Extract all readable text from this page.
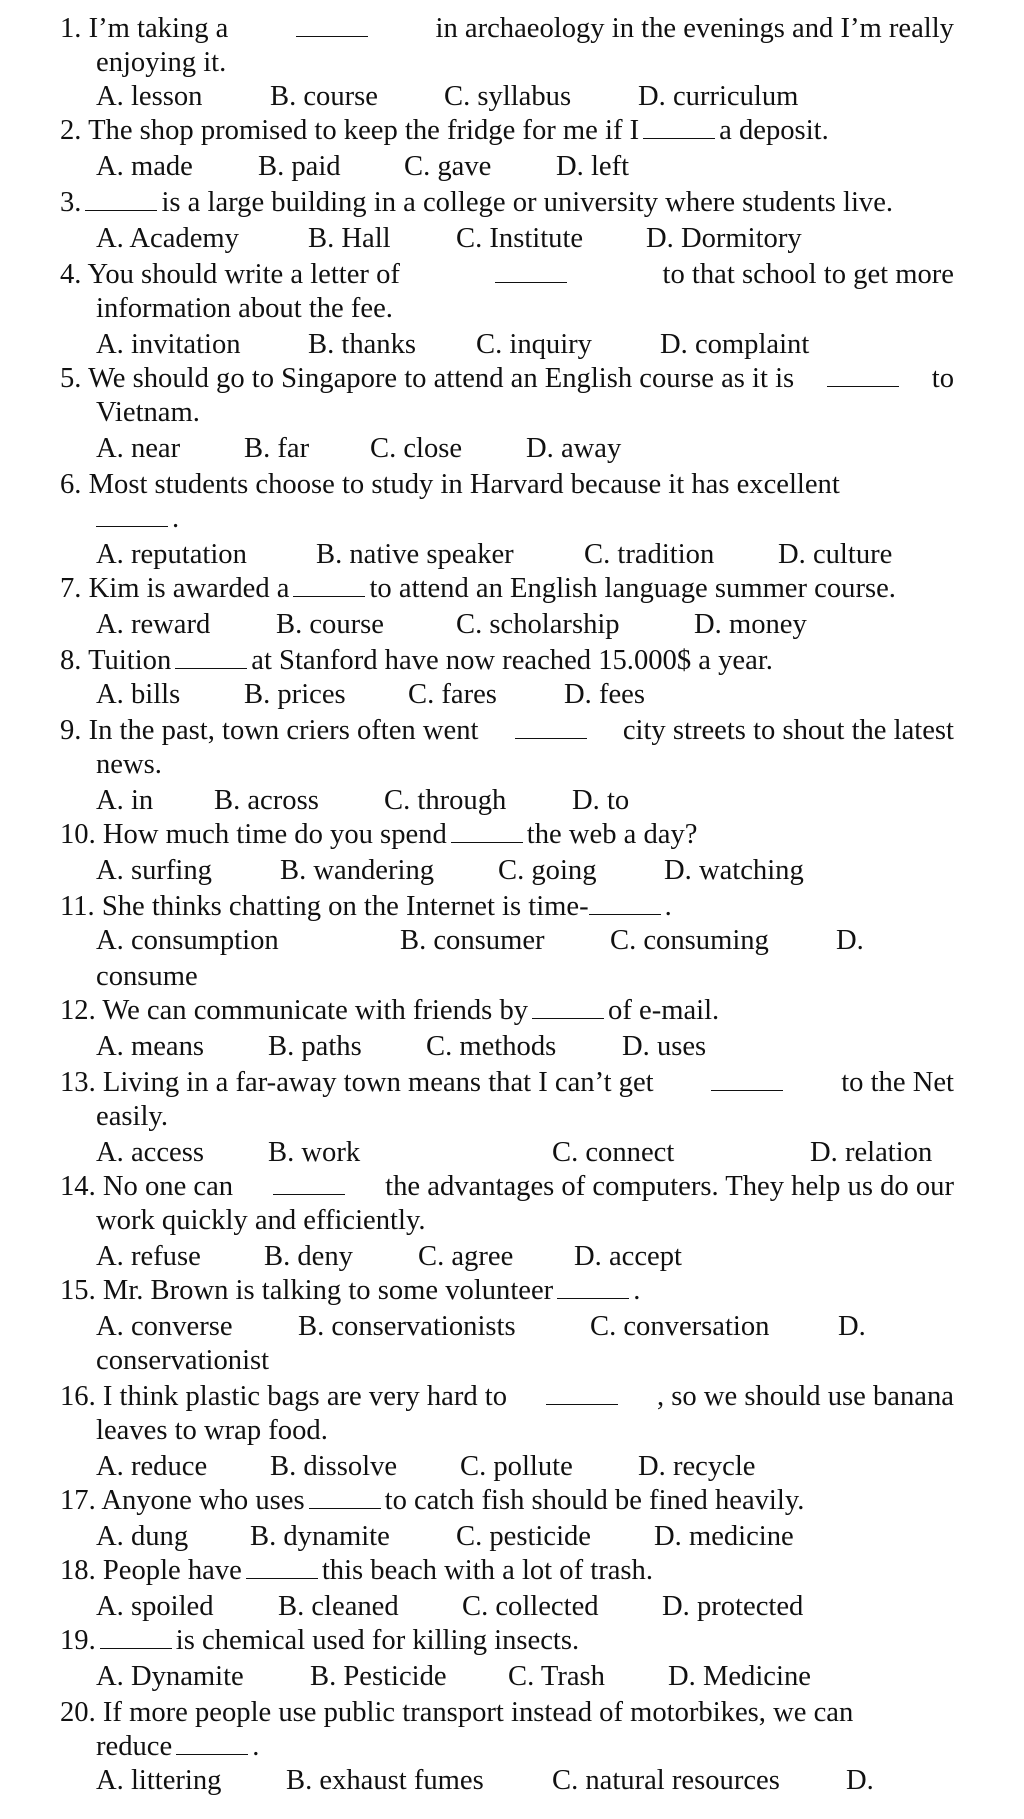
1. I’m taking a	in archaeology in the evenings and I’m really
enjoying it.
A. lesson B. course C. syllabus D. curriculum
2. The shop promised to keep the fridge for me if I	a deposit.
A. made B. paid C. gave D. left
3.	is a large building in a college or university where students live.
A. Academy B. Hall C. Institute D. Dormitory
4. You should write a letter of	to that school to get more
information about the fee.
A. invitation B. thanks C. inquiry D. complaint
5. We should go to Singapore to attend an English course as it is	to
Vietnam.
A. near B. far C. close D. away
6. Most students choose to study in Harvard because it has excellent
.
A. reputation B. native speaker C. tradition D. culture
7. Kim is awarded a	to attend an English language summer course.
A. reward B. course	C. scholarship	D. money
8. Tuition	at Stanford have now reached 15.000$ a year.
A. bills B. prices C. fares D. fees
9. In the past, town criers often went	city streets to shout the latest
news.
A. in B. across C. through D. to
10. How much time do you spend	the web a day?
A. surfing B. wandering C. going D. watching
11. She thinks chatting on the Internet is time-	.
A. consumption	B. consumer C. consuming D.
consume
12. We can communicate with friends by	of e-mail.
A. means B. paths C. methods D. uses
13. Living in a far-away town means that I can’t get	to the Net
easily.
A. access B. work	C. connect	D. relation
14. No one can	the advantages of computers. They help us do our
work quickly and efficiently.
A. refuse B. deny C. agree D. accept
15. Mr. Brown is talking to some volunteer	.
A. converse B. conservationists	C. conversation D.
conservationist
16. I think plastic bags are very hard to	, so we should use banana
leaves to wrap food.
A. reduce B. dissolve C. pollute D. recycle
17. Anyone who uses	to catch fish should be fined heavily.
A. dung B. dynamite C. pesticide D. medicine
18. People have	this beach with a lot of trash.
A. spoiled B. cleaned C. collected D. protected
19.	is chemical used for killing insects.
A. Dynamite B. Pesticide C. Trash D. Medicine
20. If more people use public transport instead of motorbikes, we can
reduce	.
A. littering B. exhaust fumes C. natural resources D.
